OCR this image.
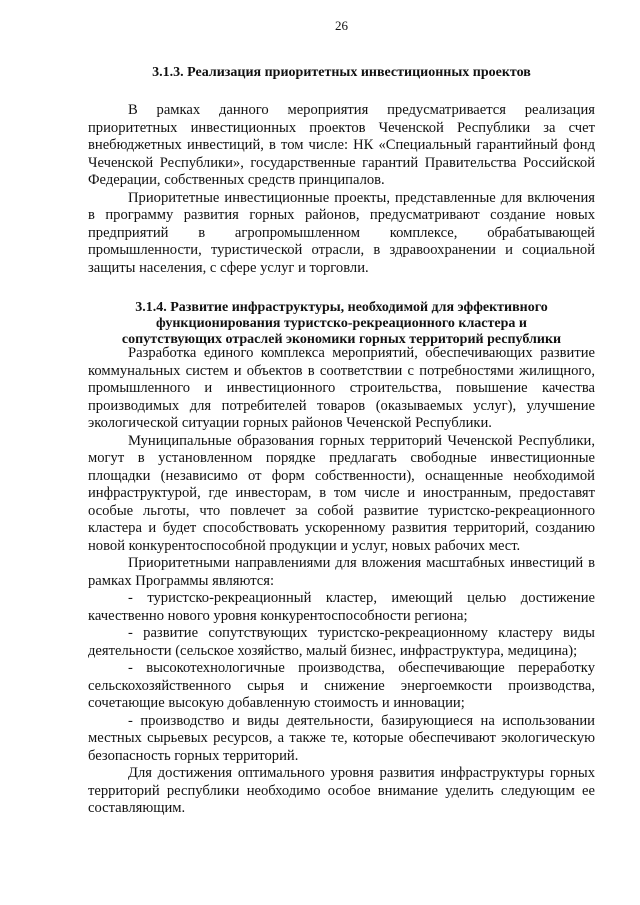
26
3.1.3. Реализация приоритетных инвестиционных проектов

В рамках данного мероприятия предусматривается реализация приоритетных инвестиционных проектов Чеченской Республики за счет внебюджетных инвестиций, в том числе: НК «Специальный гарантийный фонд Чеченской Республики», государственные гарантий Правительства Российской Федерации, собственных средств принципалов.

Приоритетные инвестиционные проекты, представленные для включения в программу развития горных районов, предусматривают создание новых предприятий в агропромышленном комплексе, обрабатывающей промышленности, туристической отрасли, в здравоохранении и социальной защиты населения, с сфере услуг и торговли.

3.1.4. Развитие инфраструктуры, необходимой для эффективного
функционирования туристско-рекреационного кластера и
сопутствующих отраслей экономики горных территорий республики

Разработка единого комплекса мероприятий, обеспечивающих развитие коммунальных систем и объектов в соответствии с потребностями жилищного, промышленного и инвестиционного строительства, повышение качества производимых для потребителей товаров (оказываемых услуг), улучшение экологической ситуации горных районов Чеченской Республики.

Муниципальные образования горных территорий Чеченской Республики, могут в установленном порядке предлагать свободные инвестиционные площадки (независимо от форм собственности), оснащенные необходимой инфраструктурой, где инвесторам, в том числе и иностранным, предоставят особые льготы, что повлечет за собой развитие туристско-рекреационного кластера и будет способствовать ускоренному развития территорий, созданию новой конкурентоспособной продукции и услуг, новых рабочих мест.

Приоритетными направлениями для вложения масштабных инвестиций в рамках Программы являются:

- туристско-рекреационный кластер, имеющий целью достижение качественно нового уровня конкурентоспособности региона;

- развитие сопутствующих туристско-рекреационному кластеру виды деятельности (сельское хозяйство, малый бизнес, инфраструктура, медицина);

- высокотехнологичные производства, обеспечивающие переработку сельскохозяйственного сырья и снижение энергоемкости производства, сочетающие высокую добавленную стоимость и инновации;

- производство и виды деятельности, базирующиеся на использовании местных сырьевых ресурсов, а также те, которые обеспечивают экологическую безопасность горных территорий.

Для достижения оптимального уровня развития инфраструктуры горных территорий республики необходимо особое внимание уделить следующим ее составляющим.
